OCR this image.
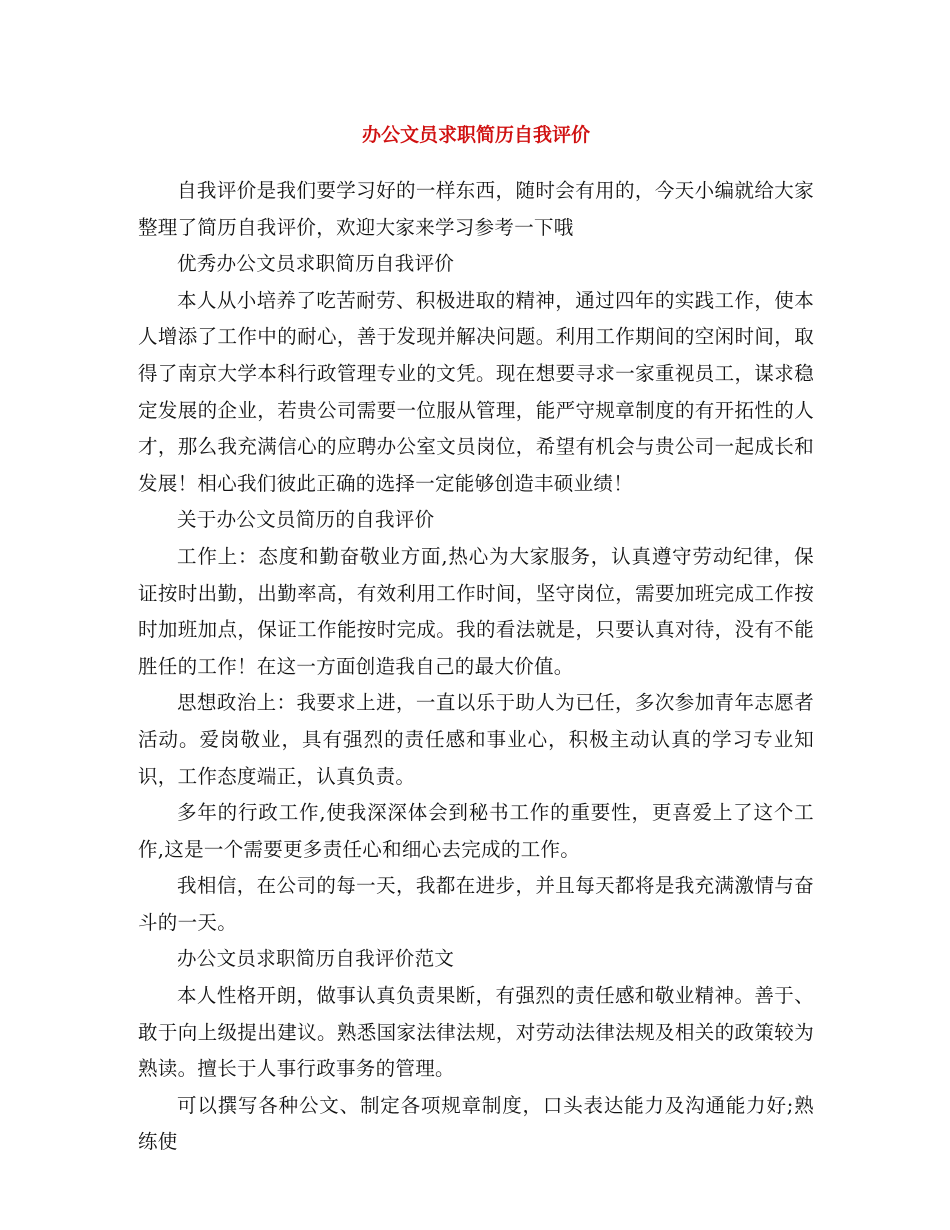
办公文员求职简历自我评价

自我评价是我们要学习好的一样东西，随时会有用的，今天小编就给大家整理了简历自我评价，欢迎大家来学习参考一下哦

优秀办公文员求职简历自我评价

本人从小培养了吃苦耐劳、积极进取的精神，通过四年的实践工作，使本人增添了工作中的耐心，善于发现并解决问题。利用工作期间的空闲时间，取得了南京大学本科行政管理专业的文凭。现在想要寻求一家重视员工，谋求稳定发展的企业，若贵公司需要一位服从管理，能严守规章制度的有开拓性的人才，那么我充满信心的应聘办公室文员岗位，希望有机会与贵公司一起成长和发展！相心我们彼此正确的选择一定能够创造丰硕业绩！

关于办公文员简历的自我评价

工作上：态度和勤奋敬业方面,热心为大家服务，认真遵守劳动纪律，保证按时出勤，出勤率高，有效利用工作时间，坚守岗位，需要加班完成工作按时加班加点，保证工作能按时完成。我的看法就是，只要认真对待，没有不能胜任的工作！在这一方面创造我自己的最大价值。

思想政治上：我要求上进，一直以乐于助人为已任，多次参加青年志愿者活动。爱岗敬业，具有强烈的责任感和事业心，积极主动认真的学习专业知识，工作态度端正，认真负责。

多年的行政工作,使我深深体会到秘书工作的重要性，更喜爱上了这个工作,这是一个需要更多责任心和细心去完成的工作。

我相信，在公司的每一天，我都在进步，并且每天都将是我充满激情与奋斗的一天。

办公文员求职简历自我评价范文

本人性格开朗，做事认真负责果断，有强烈的责任感和敬业精神。善于、敢于向上级提出建议。熟悉国家法律法规，对劳动法律法规及相关的政策较为熟读。擅长于人事行政事务的管理。

可以撰写各种公文、制定各项规章制度，口头表达能力及沟通能力好;熟练使
